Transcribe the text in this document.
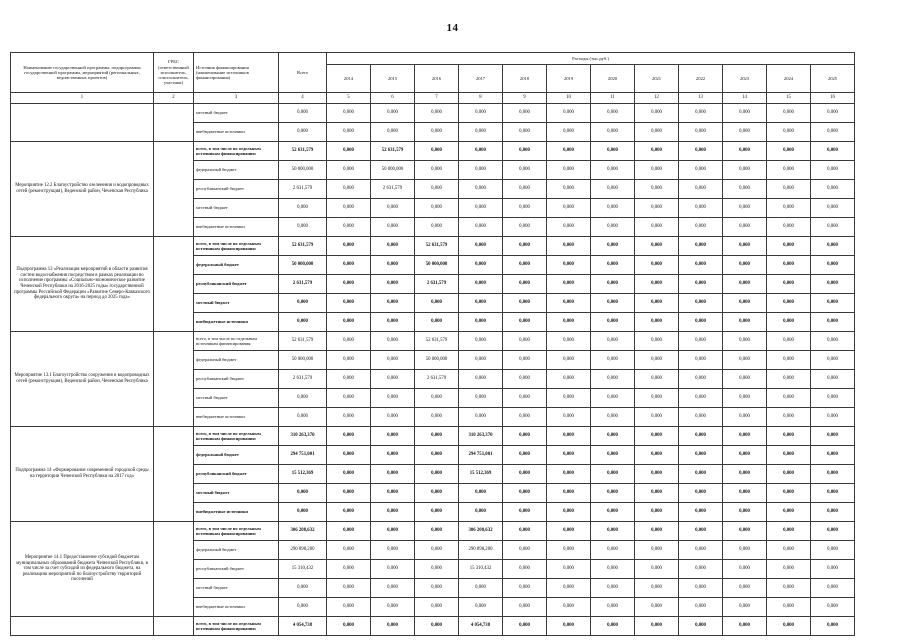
14
Наименование государственной программы, подпрограммы государственной программы, мероприятий (региональных, ведомственных проектов)	ГРБС (ответственный исполнитель, соисполнитель, участник)	Источник финансирования (наименование источников финансирования)	Всего	Расходы (тыс.руб.)											
				2014	2015	2016	2017	2018	2019	2020	2021	2022	2023	2024	2025
1	2	3	4	5	6	7	8	9	10	11	12	13	14	15	16
		местный бюджет	0,000	0,000	0,000	0,000	0,000	0,000	0,000	0,000	0,000	0,000	0,000	0,000	0,000
		внебюджетные источники	0,000	0,000	0,000	0,000	0,000	0,000	0,000	0,000	0,000	0,000	0,000	0,000	0,000
Мероприятие 12.2 Благоустройство озеленения и водопроводных сетей (реконструкция), Веденский район, Чеченская Республика		всего, в том числе по отдельным источникам финансирования:	52 631,579	0,000	52 631,579	0,000	0,000	0,000	0,000	0,000	0,000	0,000	0,000	0,000	0,000
		федеральный бюджет	50 000,000	0,000	50 000,000	0,000	0,000	0,000	0,000	0,000	0,000	0,000	0,000	0,000	0,000
		республиканский бюджет	2 631,579	0,000	2 631,579	0,000	0,000	0,000	0,000	0,000	0,000	0,000	0,000	0,000	0,000
		местный бюджет	0,000	0,000	0,000	0,000	0,000	0,000	0,000	0,000	0,000	0,000	0,000	0,000	0,000
		внебюджетные источники	0,000	0,000	0,000	0,000	0,000	0,000	0,000	0,000	0,000	0,000	0,000	0,000	0,000
Подпрограмма 13 «Реализация мероприятий в области развития систем водоснабжения посредством в рамках реализации во исполнение программы «Социально-экономическое развитие Чеченской Республики на 2016-2025 годы» государственной программы Российской Федерации «Развитие Северо-Кавказского федерального округа» на период до 2025 года»		всего, в том числе по отдельным источникам финансирования:	52 631,579	0,000	0,000	52 631,579	0,000	0,000	0,000	0,000	0,000	0,000	0,000	0,000	0,000
		федеральный бюджет	50 000,000	0,000	0,000	50 000,000	0,000	0,000	0,000	0,000	0,000	0,000	0,000	0,000	0,000
		республиканский бюджет	2 631,579	0,000	0,000	2 631,579	0,000	0,000	0,000	0,000	0,000	0,000	0,000	0,000	0,000
		местный бюджет	0,000	0,000	0,000	0,000	0,000	0,000	0,000	0,000	0,000	0,000	0,000	0,000	0,000
		внебюджетные источники	0,000	0,000	0,000	0,000	0,000	0,000	0,000	0,000	0,000	0,000	0,000	0,000	0,000
Мероприятие 13.1 Благоустройство сооружения и водопроводных сетей (реконструкция), Веденский район, Чеченская Республика		всего, в том числе по отдельным источникам финансирования:	52 631,579	0,000	0,000	52 631,579	0,000	0,000	0,000	0,000	0,000	0,000	0,000	0,000	0,000
		федеральный бюджет	50 000,000	0,000	0,000	50 000,000	0,000	0,000	0,000	0,000	0,000	0,000	0,000	0,000	0,000
		республиканский бюджет	2 631,579	0,000	0,000	2 631,579	0,000	0,000	0,000	0,000	0,000	0,000	0,000	0,000	0,000
		местный бюджет	0,000	0,000	0,000	0,000	0,000	0,000	0,000	0,000	0,000	0,000	0,000	0,000	0,000
		внебюджетные источники	0,000	0,000	0,000	0,000	0,000	0,000	0,000	0,000	0,000	0,000	0,000	0,000	0,000
Подпрограмма 14 «Формирование современной городской среды на территории Чеченской Республики на 2017 год»		всего, в том числе по отдельным источникам финансирования:	310 263,370	0,000	0,000	0,000	310 263,370	0,000	0,000	0,000	0,000	0,000	0,000	0,000	0,000
		федеральный бюджет	294 751,001	0,000	0,000	0,000	294 751,001	0,000	0,000	0,000	0,000	0,000	0,000	0,000	0,000
		республиканский бюджет	15 512,369	0,000	0,000	0,000	15 512,369	0,000	0,000	0,000	0,000	0,000	0,000	0,000	0,000
		местный бюджет	0,000	0,000	0,000	0,000	0,000	0,000	0,000	0,000	0,000	0,000	0,000	0,000	0,000
		внебюджетные источники	0,000	0,000	0,000	0,000	0,000	0,000	0,000	0,000	0,000	0,000	0,000	0,000	0,000
Мероприятие 14.1 Предоставление субсидий бюджетам муниципальных образований бюджета Чеченской Республики, в том числе за счет субсидий из федерального бюджета, на реализацию мероприятий по благоустройству территорий поселений		всего, в том числе по отдельным источникам финансирования:	306 208,632	0,000	0,000	0,000	306 208,632	0,000	0,000	0,000	0,000	0,000	0,000	0,000	0,000
		федеральный бюджет	290 898,200	0,000	0,000	0,000	290 898,200	0,000	0,000	0,000	0,000	0,000	0,000	0,000	0,000
		республиканский бюджет	15 310,432	0,000	0,000	0,000	15 310,432	0,000	0,000	0,000	0,000	0,000	0,000	0,000	0,000
		местный бюджет	0,000	0,000	0,000	0,000	0,000	0,000	0,000	0,000	0,000	0,000	0,000	0,000	0,000
		внебюджетные источники	0,000	0,000	0,000	0,000	0,000	0,000	0,000	0,000	0,000	0,000	0,000	0,000	0,000
		всего, в том числе по отдельным источникам финансирования:	4 054,738	0,000	0,000	0,000	4 054,738	0,000	0,000	0,000	0,000	0,000	0,000	0,000	0,000
